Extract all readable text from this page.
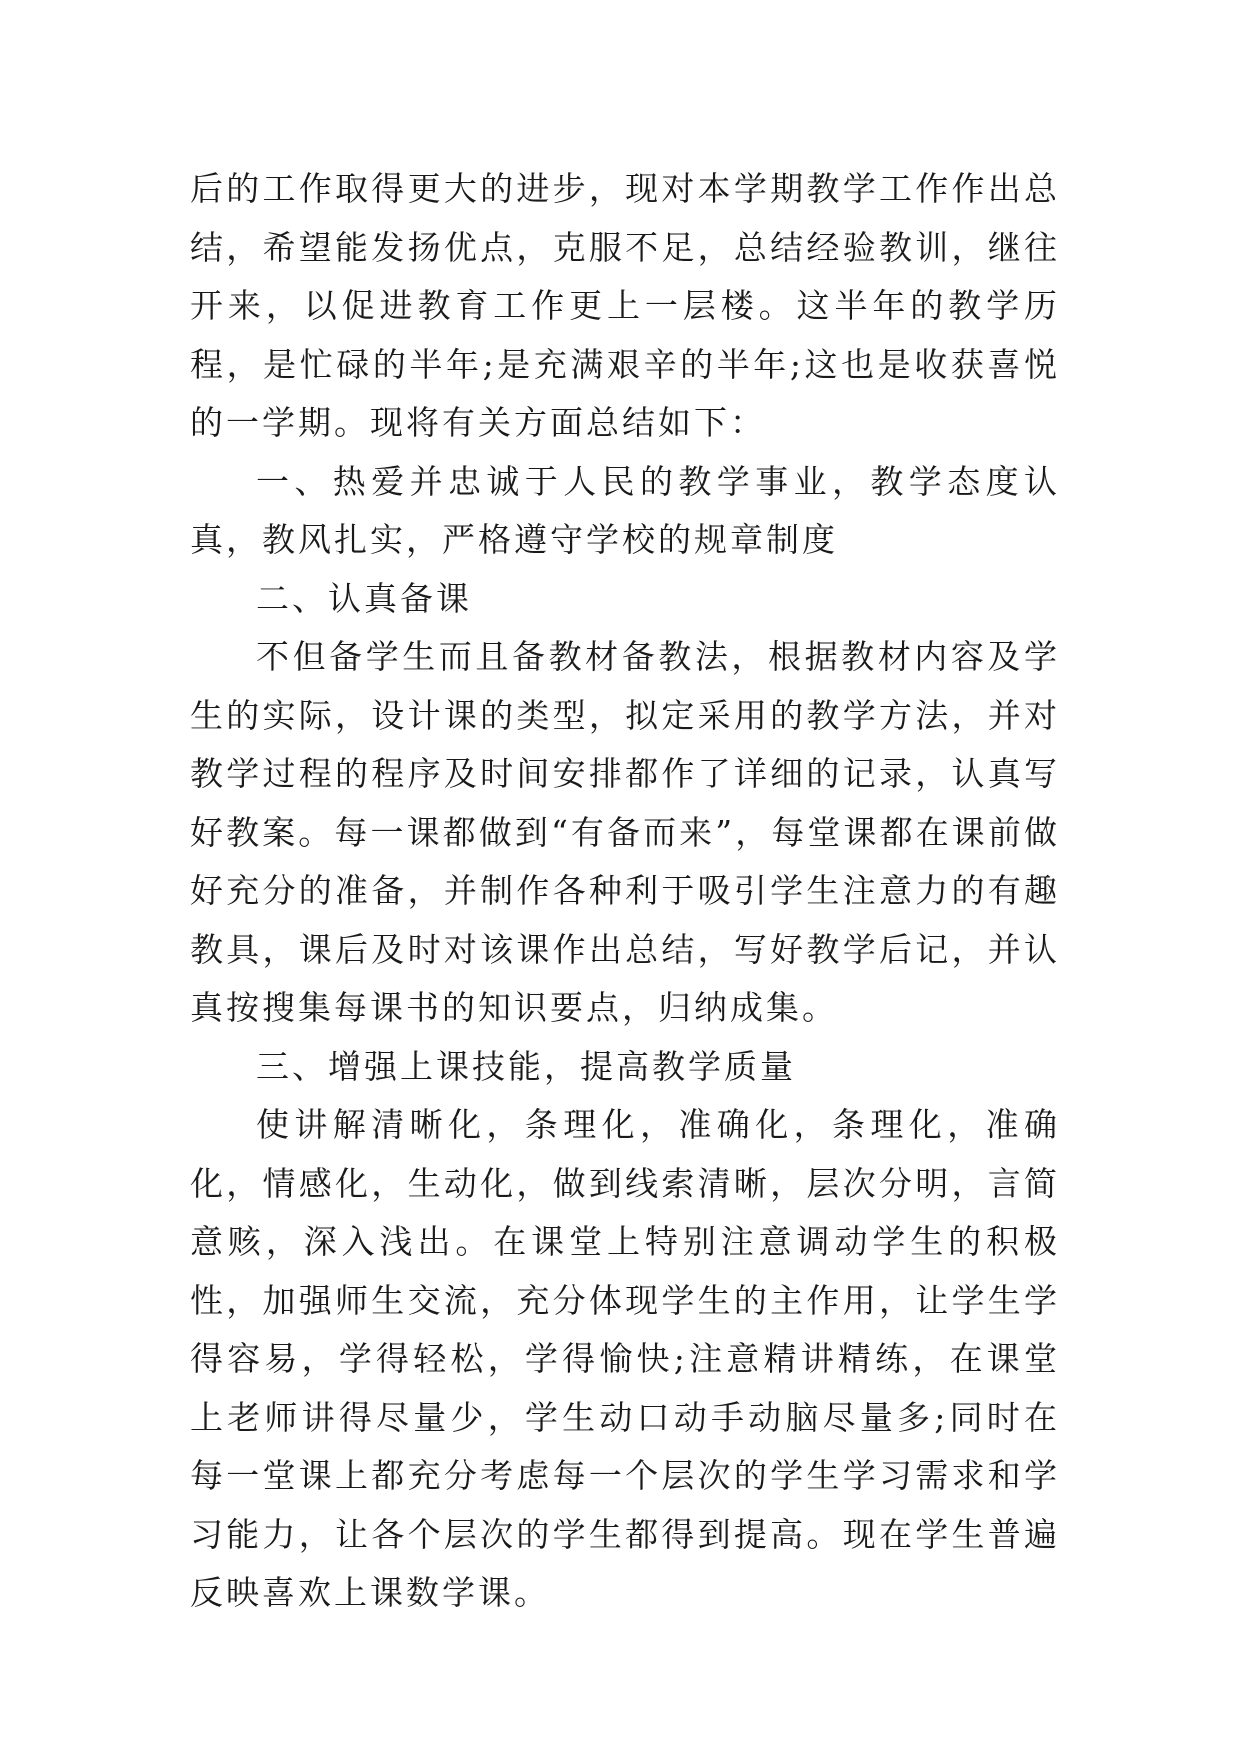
后的工作取得更大的进步，现对本学期教学工作作出总结，希望能发扬优点，克服不足，总结经验教训，继往开来，以促进教育工作更上一层楼。这半年的教学历程，是忙碌的半年;是充满艰辛的半年;这也是收获喜悦的一学期。现将有关方面总结如下：

一、热爱并忠诚于人民的教学事业，教学态度认真，教风扎实，严格遵守学校的规章制度

二、认真备课

不但备学生而且备教材备教法，根据教材内容及学生的实际，设计课的类型，拟定采用的教学方法，并对教学过程的程序及时间安排都作了详细的记录，认真写好教案。每一课都做到“有备而来”，每堂课都在课前做好充分的准备，并制作各种利于吸引学生注意力的有趣教具，课后及时对该课作出总结，写好教学后记，并认真按搜集每课书的知识要点，归纳成集。

三、增强上课技能，提高教学质量

使讲解清晰化，条理化，准确化，条理化，准确化，情感化，生动化，做到线索清晰，层次分明，言简意赅，深入浅出。在课堂上特别注意调动学生的积极性，加强师生交流，充分体现学生的主作用，让学生学得容易，学得轻松，学得愉快;注意精讲精练，在课堂上老师讲得尽量少，学生动口动手动脑尽量多;同时在每一堂课上都充分考虑每一个层次的学生学习需求和学习能力，让各个层次的学生都得到提高。现在学生普遍反映喜欢上课数学课。
